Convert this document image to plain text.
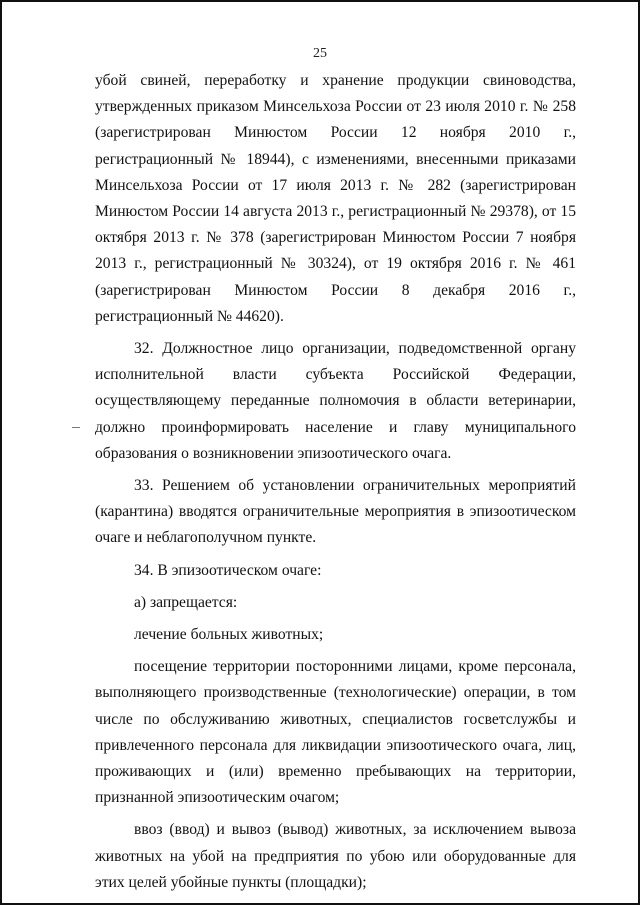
25

убой свиней, переработку и хранение продукции свиноводства, утвержденных приказом Минсельхоза России от 23 июля 2010 г. № 258 (зарегистрирован Минюстом России 12 ноября 2010 г., регистрационный № 18944), с изменениями, внесенными приказами Минсельхоза России от 17 июля 2013 г. № 282 (зарегистрирован Минюстом России 14 августа 2013 г., регистрационный № 29378), от 15 октября 2013 г. № 378 (зарегистрирован Минюстом России 7 ноября 2013 г., регистрационный № 30324), от 19 октября 2016 г. № 461 (зарегистрирован Минюстом России 8 декабря 2016 г., регистрационный № 44620).

32. Должностное лицо организации, подведомственной органу исполнительной власти субъекта Российской Федерации, осуществляющему переданные полномочия в области ветеринарии, должно проинформировать население и главу муниципального образования о возникновении эпизоотического очага.

33. Решением об установлении ограничительных мероприятий (карантина) вводятся ограничительные мероприятия в эпизоотическом очаге и неблагополучном пункте.

34. В эпизоотическом очаге:

а) запрещается:

лечение больных животных;

посещение территории посторонними лицами, кроме персонала, выполняющего производственные (технологические) операции, в том числе по обслуживанию животных, специалистов госветслужбы и привлеченного персонала для ликвидации эпизоотического очага, лиц, проживающих и (или) временно пребывающих на территории, признанной эпизоотическим очагом;

ввоз (ввод) и вывоз (вывод) животных, за исключением вывоза животных на убой на предприятия по убою или оборудованные для этих целей убойные пункты (площадки);
